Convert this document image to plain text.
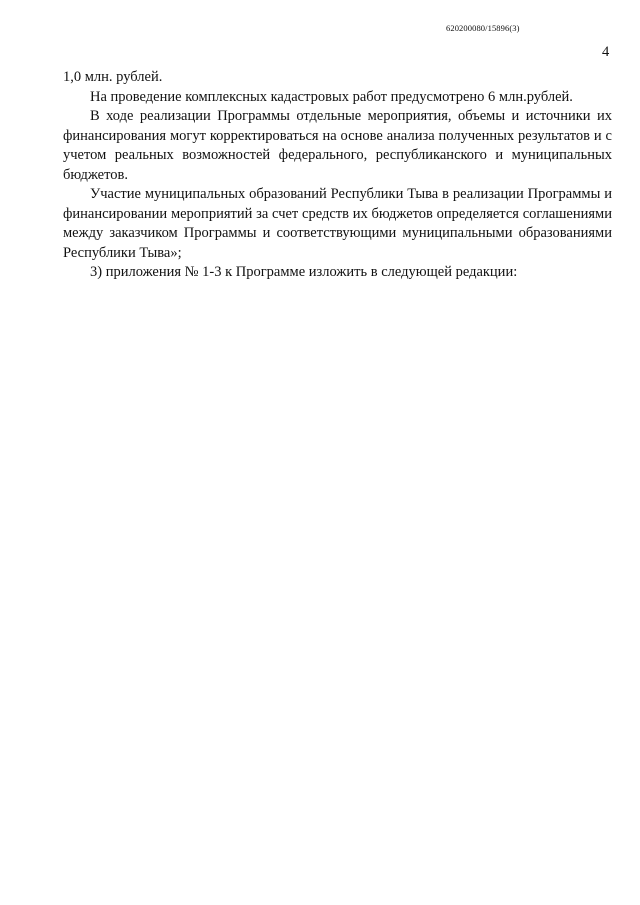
620200080/15896(3)
4

1,0 млн. рублей.

На проведение комплексных кадастровых работ предусмотрено 6 млн.рублей.

В ходе реализации Программы отдельные мероприятия, объемы и источники их финансирования могут корректироваться на основе анализа полученных результатов и с учетом реальных возможностей федерального, республиканского и муниципальных бюджетов.

Участие муниципальных образований Республики Тыва в реализации Программы и финансировании мероприятий за счет средств их бюджетов определяется соглашениями между заказчиком Программы и соответствующими муниципальными образованиями Республики Тыва»;

3) приложения № 1-3 к Программе изложить в следующей редакции:
